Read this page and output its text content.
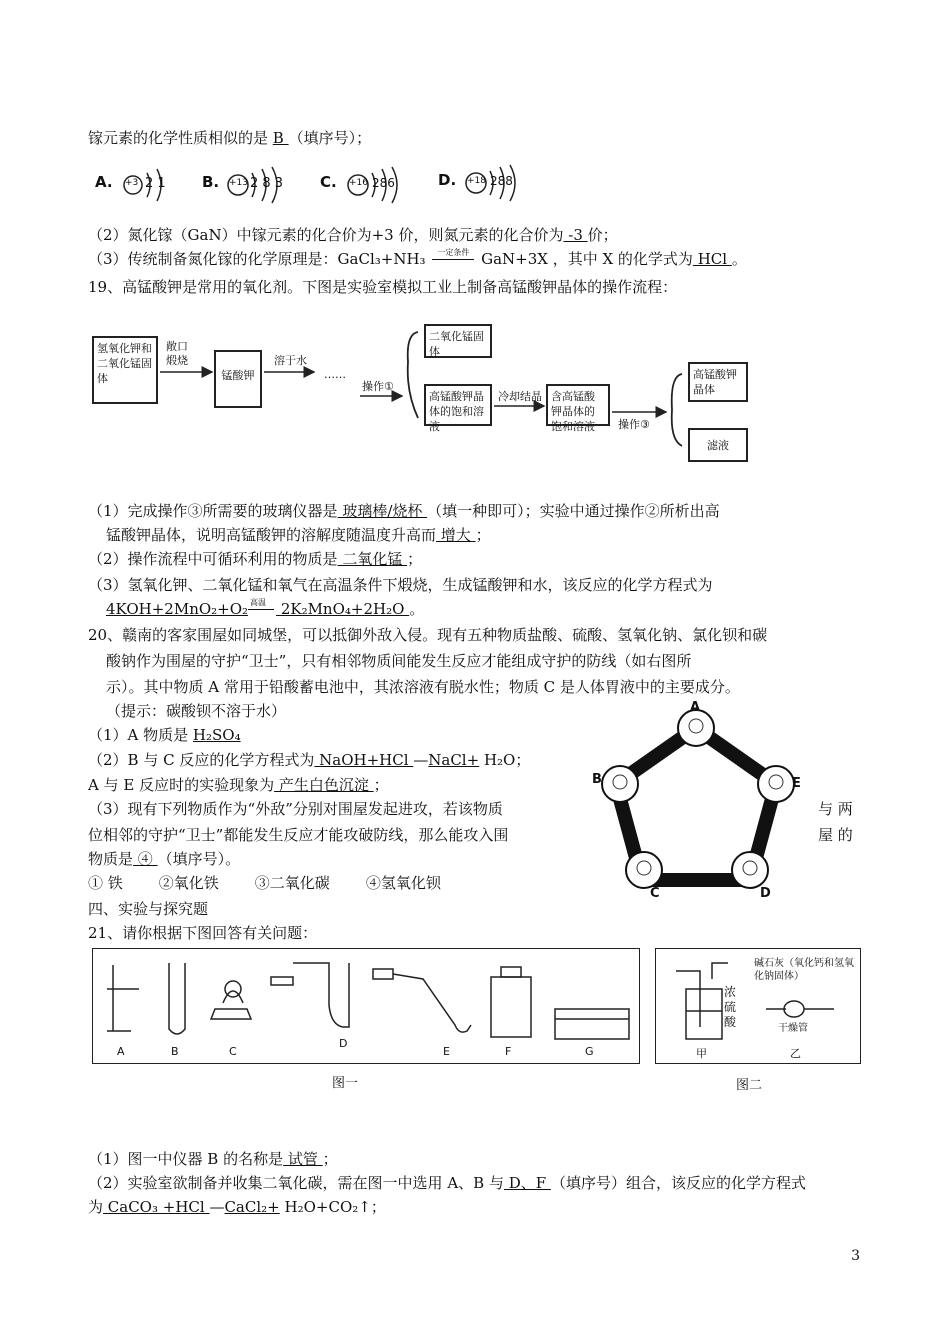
镓元素的化学性质相似的是 B （填序号）；
A. +3 2 1 B. +13 2 8 3 C. +16 286	D. +18 288
（2）氮化镓（GaN）中镓元素的化合价为+3 价，则氮元素的化合价为 -3 价；
（3）传统制备氮化镓的化学原理是：GaCl₃+NH₃ 一定条件 GaN+3X ，其中 X 的化学式为 HCl 。
19、高锰酸钾是常用的氧化剂。下图是实验室模拟工业上制备高锰酸钾晶体的操作流程：
氢氧化钾和二氧化锰固体
敞口煅烧
锰酸钾
溶于水
……
操作①
二氧化锰固体
高锰酸钾晶体的饱和溶液
冷却结晶 含高锰酸钾晶体的饱和溶液	操作③
高锰酸钾晶体
滤液
（1）完成操作③所需要的玻璃仪器是 玻璃棒/烧杯 （填一种即可）；实验中通过操作②所析出高
锰酸钾晶体，说明高锰酸钾的溶解度随温度升高而 增大 ；
（2）操作流程中可循环利用的物质是 二氧化锰 ；
（3）氢氧化钾、二氧化锰和氧气在高温条件下煅烧，生成锰酸钾和水，该反应的化学方程式为
4KOH+2MnO₂+O₂ 高温 2K₂MnO₄+2H₂O 。
20、赣南的客家围屋如同城堡，可以抵御外敌入侵。现有五种物质盐酸、硫酸、氢氧化钠、氯化钡和碳
酸钠作为围屋的守护“卫士”，只有相邻物质间能发生反应才能组成守护的防线（如右图所
示）。其中物质 A 常用于铅酸蓄电池中，其浓溶液有脱水性；物质 C 是人体胃液中的主要成分。
（提示：碳酸钡不溶于水）
（1）A 物质是 H₂SO₄
（2）B 与 C 反应的化学方程式为 NaOH+HCl —NaCl+ H₂O；
A 与 E 反应时的实验现象为 产生白色沉淀 ；
（3）现有下列物质作为“外敌”分别对围屋发起进攻，若该物质	与 两
位相邻的守护“卫士”都能发生反应才能攻破防线，那么能攻入围	屋 的
物质是 ④ （填序号）。
① 铁 ②氧化铁 ③二氧化碳 ④氢氧化钡
A
B
C	D
E
四、实验与探究题
21、请你根据下图回答有关问题：
A	B	C
D
E	F	G
图一
浓硫酸
碱石灰（氧化钙和氢氧化钠固体）
干燥管
甲	乙
图二
（1）图一中仪器 B 的名称是 试管 ；
（2）实验室欲制备并收集二氧化碳，需在图一中选用 A、B 与 D、F （填序号）组合，该反应的化学方程式
为 CaCO₃ +HCl —CaCl₂+ H₂O+CO₂↑；
3
